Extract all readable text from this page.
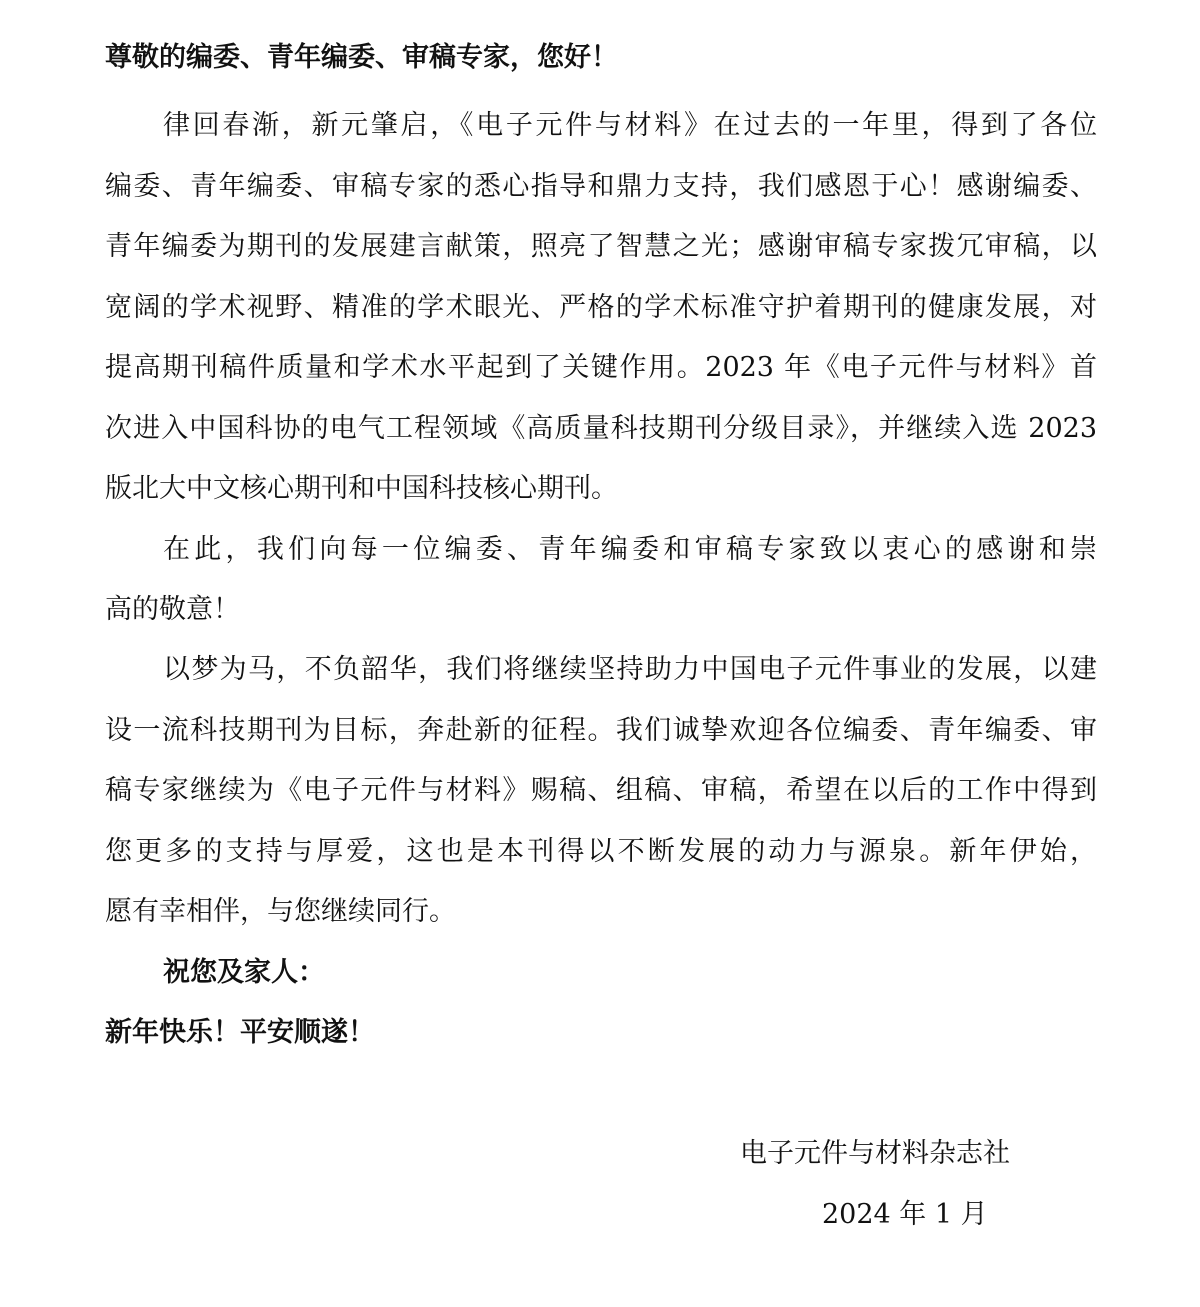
尊敬的编委、青年编委、审稿专家，您好！
律回春渐，新元肇启，《电子元件与材料》在过去的一年里，得到了各位
编委、青年编委、审稿专家的悉心指导和鼎力支持，我们感恩于心！感谢编委、
青年编委为期刊的发展建言献策，照亮了智慧之光；感谢审稿专家拨冗审稿，以
宽阔的学术视野、精准的学术眼光、严格的学术标准守护着期刊的健康发展，对
提高期刊稿件质量和学术水平起到了关键作用。2023 年《电子元件与材料》首
次进入中国科协的电气工程领域《高质量科技期刊分级目录》，并继续入选 2023
版北大中文核心期刊和中国科技核心期刊。
在此，我们向每一位编委、青年编委和审稿专家致以衷心的感谢和崇
高的敬意！
以梦为马，不负韶华，我们将继续坚持助力中国电子元件事业的发展，以建
设一流科技期刊为目标，奔赴新的征程。我们诚挚欢迎各位编委、青年编委、审
稿专家继续为《电子元件与材料》赐稿、组稿、审稿，希望在以后的工作中得到
您更多的支持与厚爱，这也是本刊得以不断发展的动力与源泉。新年伊始，
愿有幸相伴，与您继续同行。
祝您及家人：
新年快乐！平安顺遂！
电子元件与材料杂志社
2024 年 1 月
